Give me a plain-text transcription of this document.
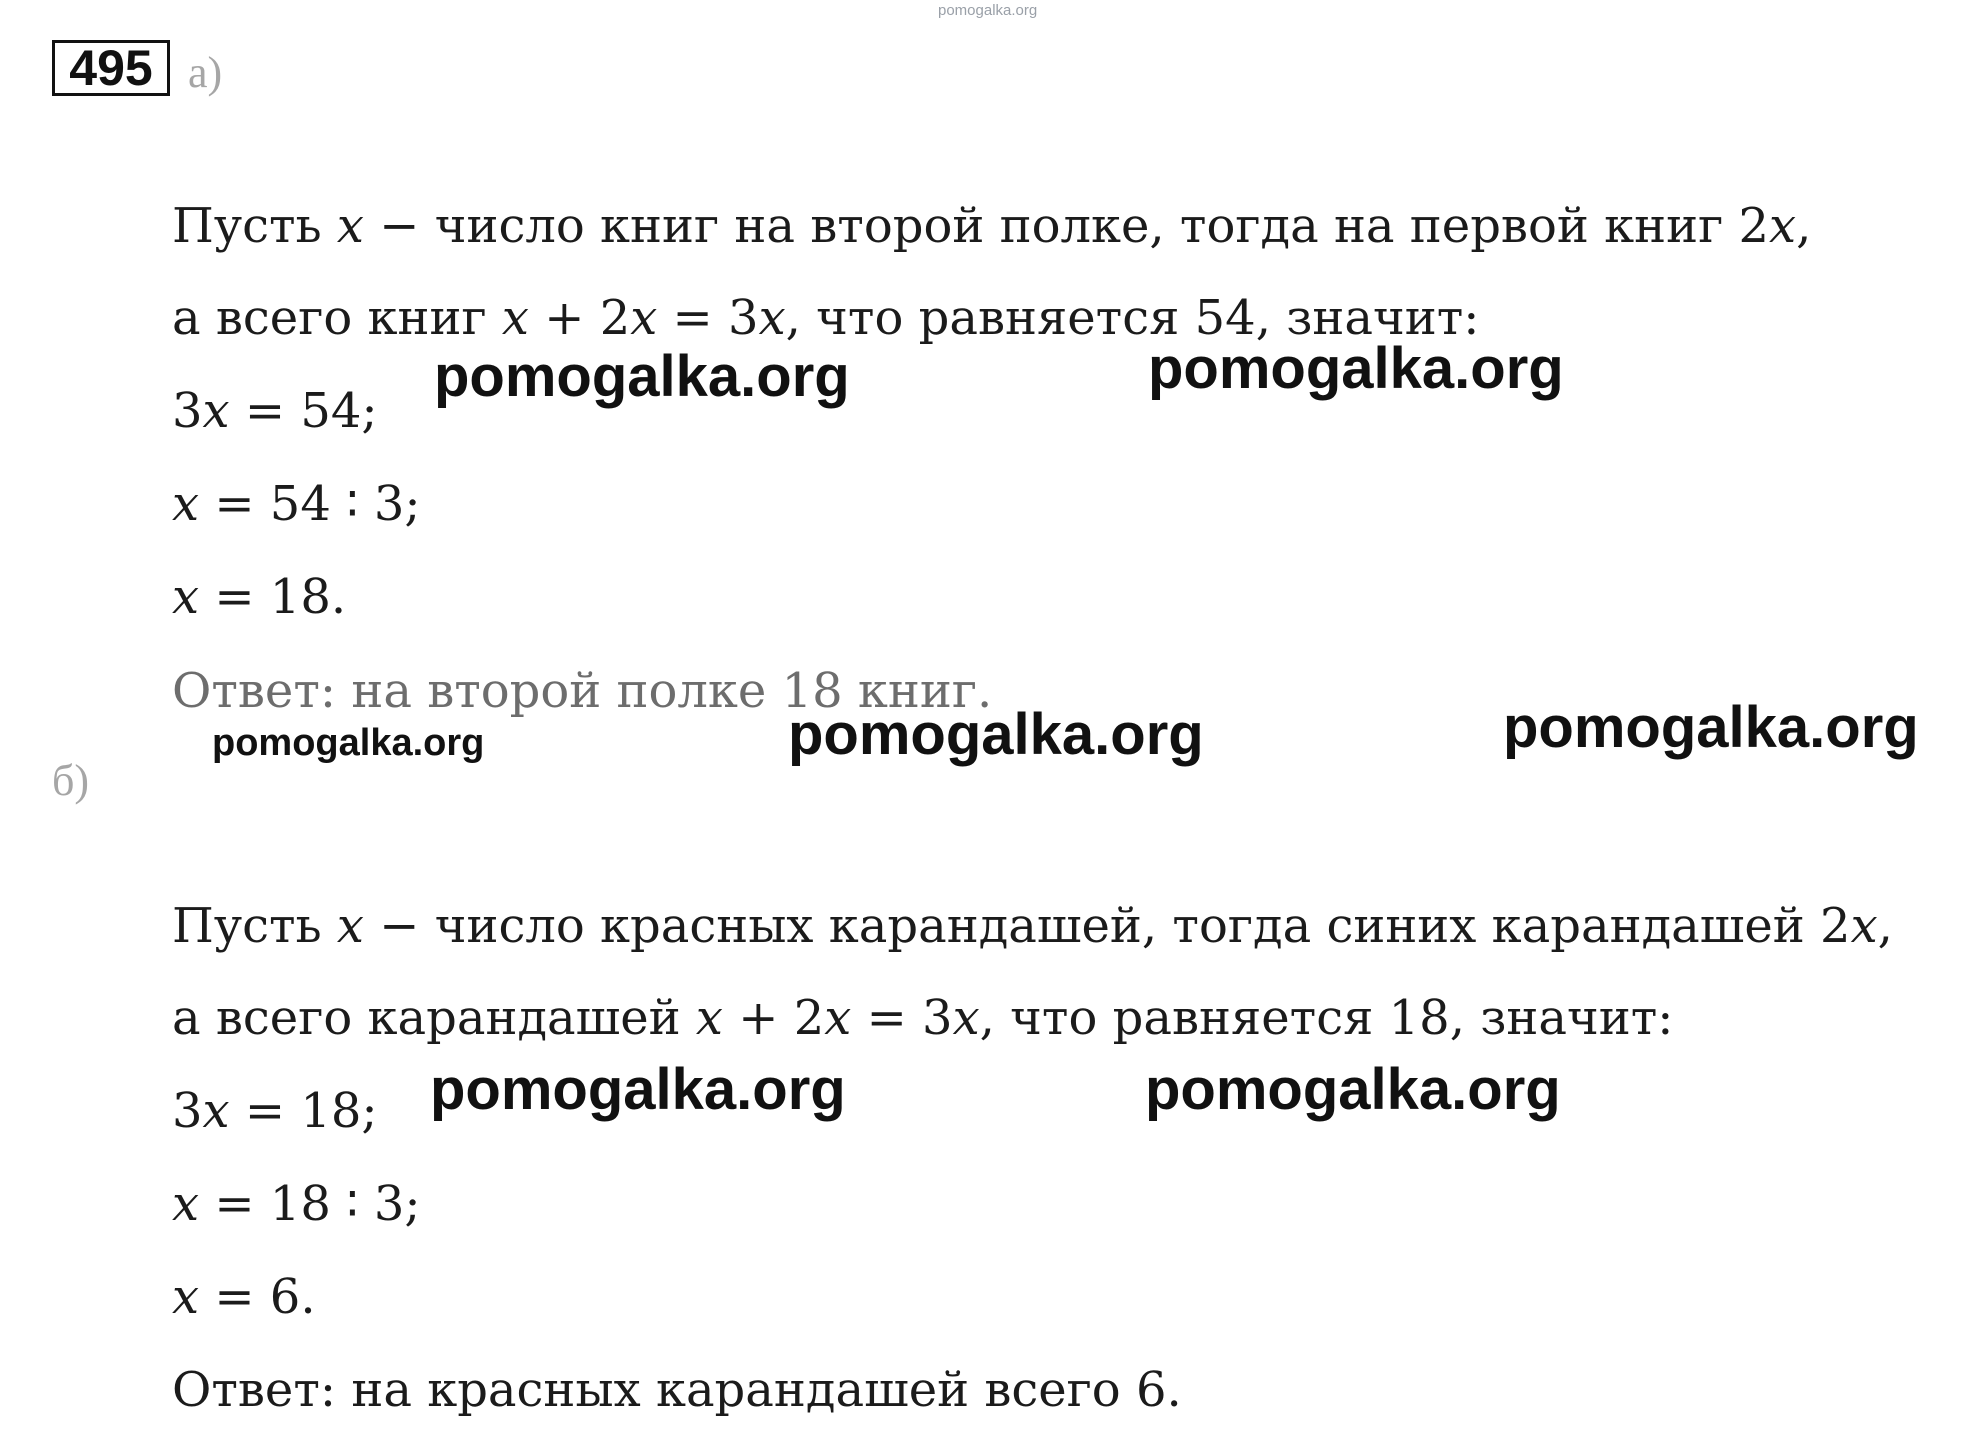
pomogalka.org
495 а)
Пусть 𝑥 − число книг на второй полке, тогда на первой книг 2𝑥,
а всего книг 𝑥 + 2𝑥 = 3𝑥, что равняется 54, значит:
3𝑥 = 54;
𝑥 = 54 ∶ 3;
𝑥 = 18.
Ответ: на второй полке 18 книг.
б)
Пусть 𝑥 − число красных карандашей, тогда синих карандашей 2𝑥,
а всего карандашей 𝑥 + 2𝑥 = 3𝑥, что равняется 18, значит:
3𝑥 = 18;
𝑥 = 18 ∶ 3;
𝑥 = 6.
Ответ: на красных карандашей всего 6.
pomogalka.org	pomogalka.org
pomogalka.org	pomogalka.org	pomogalka.org
pomogalka.org	pomogalka.org
